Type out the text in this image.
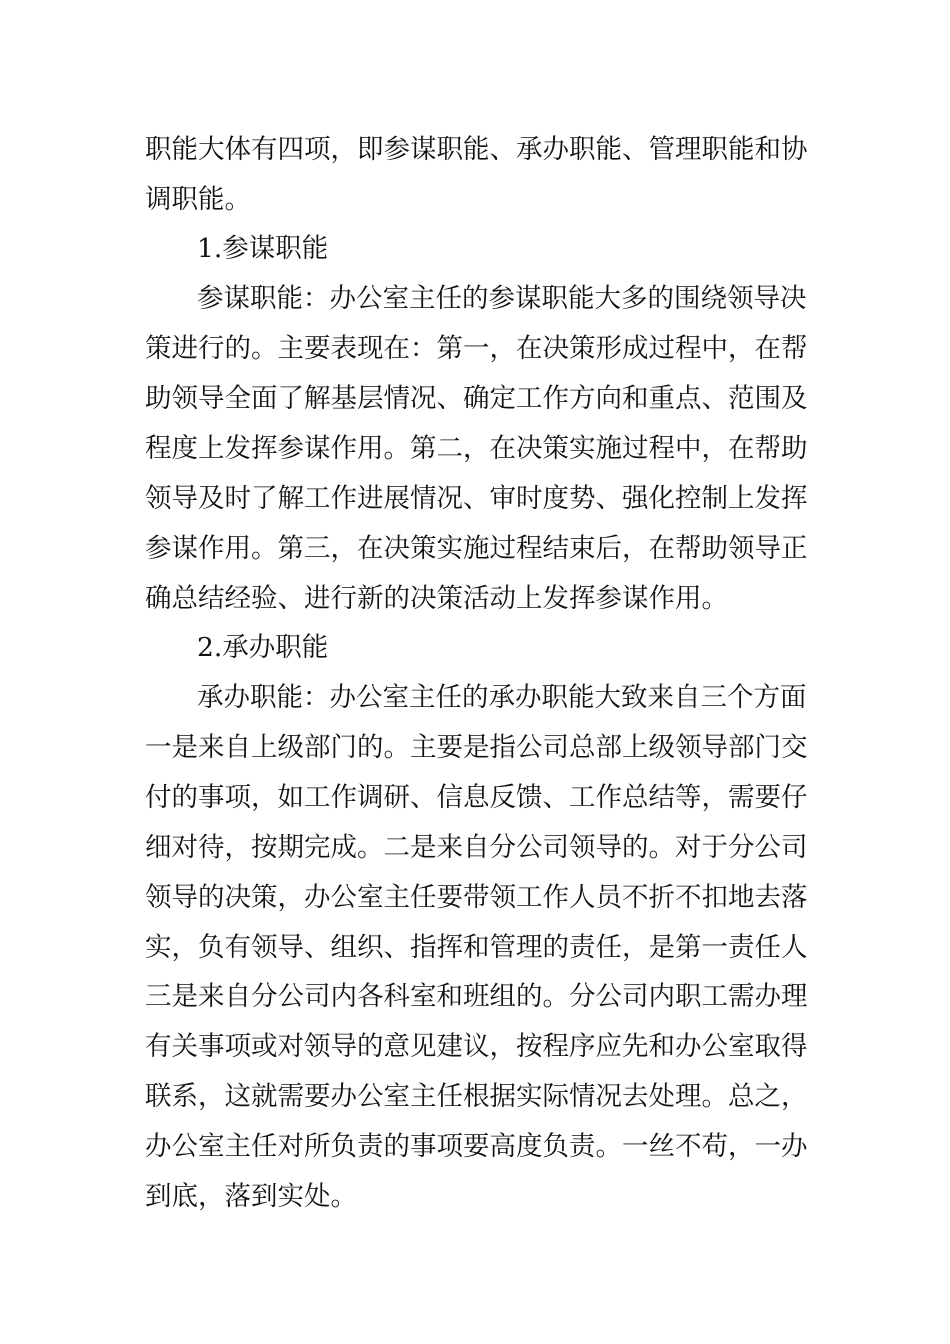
职能大体有四项，即参谋职能、承办职能、管理职能和协
调职能。
1.参谋职能
参谋职能：办公室主任的参谋职能大多的围绕领导决
策进行的。主要表现在：第一，在决策形成过程中，在帮
助领导全面了解基层情况、确定工作方向和重点、范围及
程度上发挥参谋作用。第二，在决策实施过程中，在帮助
领导及时了解工作进展情况、审时度势、强化控制上发挥
参谋作用。第三，在决策实施过程结束后，在帮助领导正
确总结经验、进行新的决策活动上发挥参谋作用。
2.承办职能
承办职能：办公室主任的承办职能大致来自三个方面
一是来自上级部门的。主要是指公司总部上级领导部门交
付的事项，如工作调研、信息反馈、工作总结等，需要仔
细对待，按期完成。二是来自分公司领导的。对于分公司
领导的决策，办公室主任要带领工作人员不折不扣地去落
实，负有领导、组织、指挥和管理的责任，是第一责任人
三是来自分公司内各科室和班组的。分公司内职工需办理
有关事项或对领导的意见建议，按程序应先和办公室取得
联系，这就需要办公室主任根据实际情况去处理。总之，
办公室主任对所负责的事项要高度负责。一丝不苟，一办
到底，落到实处。
